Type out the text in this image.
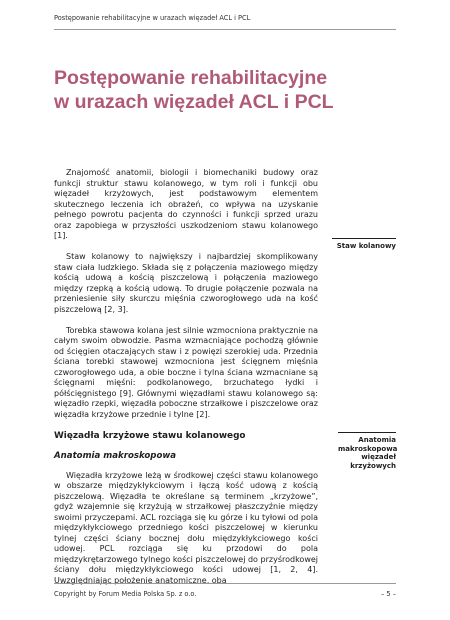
Postępowanie rehabilitacyjne w urazach więzadeł ACL i PCL
Postępowanie rehabilitacyjne
w urazach więzadeł ACL i PCL

Znajomość anatomii, biologii i biomechaniki budowy oraz funkcji struktur stawu kolanowego, w tym roli i funkcji obu więzadeł krzyżowych, jest podstawowym elementem skutecznego leczenia ich obrażeń, co wpływa na uzyskanie pełnego powrotu pacjenta do czynności i funkcji sprzed urazu oraz zapobiega w przyszłości uszkodzeniom stawu kolanowego [1].

Staw kolanowy to największy i najbardziej skomplikowany staw ciała ludzkiego. Składa się z połączenia maziowego między kością udową a kością piszczelową i połączenia maziowego między rzepką a kością udową. To drugie połączenie pozwala na przeniesienie siły skurczu mięśnia czworogłowego uda na kość piszczelową [2, 3].

Torebka stawowa kolana jest silnie wzmocniona praktycznie na całym swoim obwodzie. Pasma wzmacniające pochodzą głównie od ścięgien otaczających staw i z powięzi szerokiej uda. Przednia ściana torebki stawowej wzmocniona jest ścięgnem mięśnia czworogłowego uda, a obie boczne i tylna ściana wzmacniane są ścięgnami mięśni: podkolanowego, brzuchatego łydki i półścięgnistego [9]. Głównymi więzadłami stawu kolanowego są: więzadło rzepki, więzadła poboczne strzałkowe i piszczelowe oraz więzadła krzyżowe przednie i tylne [2].

Więzadła krzyżowe stawu kolanowego
Anatomia makroskopowa

Więzadła krzyżowe leżą w środkowej części stawu kolanowego w obszarze międzykłykciowym i łączą kość udową z kością piszczelową. Więzadła te określane są terminem „krzyżowe”, gdyż wzajemnie się krzyżują w strzałkowej płaszczyźnie między swoimi przyczepami. ACL rozciąga się ku górze i ku tyłowi od pola międzykłykciowego przedniego kości piszczelowej w kierunku tylnej części ściany bocznej dołu międzykłykciowego kości udowej. PCL rozciąga się ku przodowi do pola międzykrętarzowego tylnego kości piszczelowej do przyśrodkowej ściany dołu międzykłykciowego kości udowej [1, 2, 4]. Uwzględniając położenie anatomiczne, oba

Staw kolanowy
Anatomia makroskopowa więzadeł krzyżowych
Copyright by Forum Media Polska Sp. z o.o.	– 5 –
